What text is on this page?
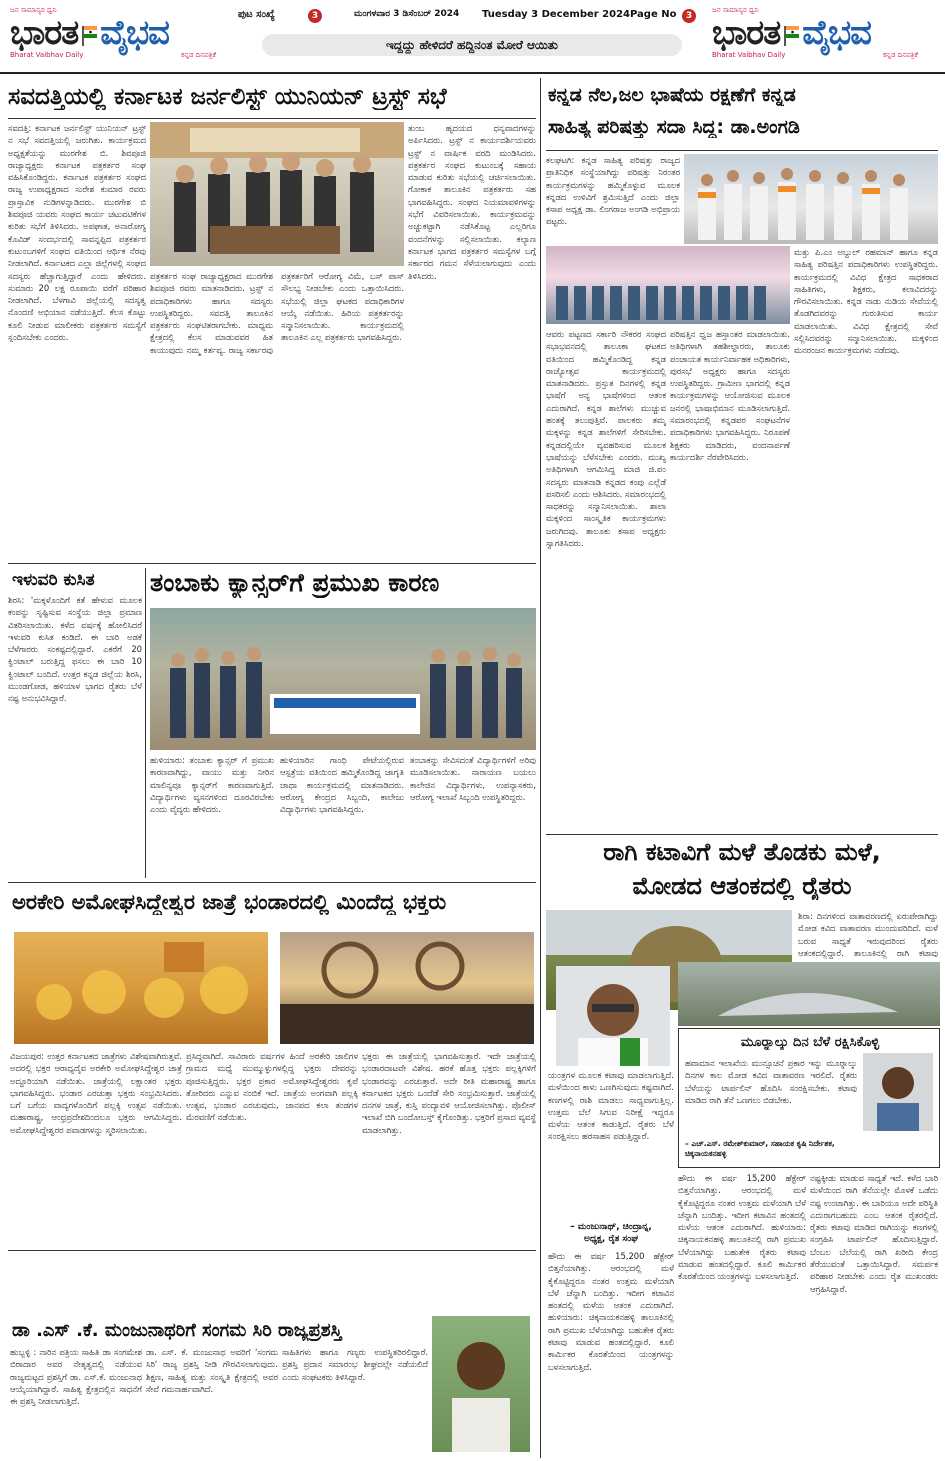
ಜನ ಸಾಮಾನ್ಯರ ಧ್ವನಿ
ಭಾರತ ವೈಭವ
Bharat Vaibhav Daily	ಕನ್ನಡ ದಿನಪತ್ರಿಕೆ
ಪುಟ ಸಂಖ್ಯೆ	3	ಮಂಗಳವಾರ 3 ಡಿಸೆಂಬರ್ 2024 Tuesday 3 December 2024 Page No	3
ಇದ್ದದ್ದು ಹೇಳಿದರೆ ಹದ್ದಿನಂತ ಮೋರೆ ಆಯಿತು
ಜನ ಸಾಮಾನ್ಯರ ಧ್ವನಿ
ಭಾರತ ವೈಭವ
Bharat Vaibhav Daily	ಕನ್ನಡ ದಿನಪತ್ರಿಕೆ
ಸವದತ್ತಿಯಲ್ಲಿ ಕರ್ನಾಟಕ ಜರ್ನಲಿಸ್ಟ್ ಯುನಿಯನ್ ಟ್ರಸ್ಟ್ ಸಭೆ
ಸವದತ್ತಿ: ಕರ್ನಾಟಕ ಜರ್ನಲಿಸ್ಟ್ ಯುನಿಯನ್ ಟ್ರಸ್ಟ್ ನ ಸಭೆ ಸವದತ್ತಿಯಲ್ಲಿ ಜರುಗಿತು. ಕಾರ್ಯಕ್ರಮದ ಅಧ್ಯಕ್ಷತೆಯನ್ನು ಮುರಗೇಶ ಬಿ. ಶಿವಪೂಜಿ ರಾಜ್ಯಾಧ್ಯಕ್ಷರು ಕರ್ನಾಟಕ ಪತ್ರಕರ್ತರ ಸಂಘ ವಹಿಸಿಕೊಂಡಿದ್ದರು. ಕರ್ನಾಟಕ ಪತ್ರಕರ್ತರ ಸಂಘದ ರಾಜ್ಯ ಉಪಾಧ್ಯಕ್ಷರಾದ ಸುರೇಶ ಕುಮಾರ ರವರು ಪ್ರಾಸ್ತಾವಿಕ ನುಡಿಗಳನ್ನಾಡಿದರು. ಮುರಗೇಶ ಬಿ ಶಿವಪೂಜಿ ಯವರು ಸಂಘದ ಕಾರ್ಯ ಚಟುವಟಿಕೆಗಳ ಕುರಿತು ಸಭೆಗೆ ತಿಳಿಸಿದರು. ಅಪಘಾತ, ಅನಾರೋಗ್ಯ ಕೊವಿಡ್ ಸಂದರ್ಭದಲ್ಲಿ ಸಾವನ್ನಪ್ಪಿದ ಪತ್ರಕರ್ತರ ಕುಟುಂಬಗಳಿಗೆ ಸಂಘದ ವತಿಯಿಂದ ಆರ್ಥಿಕ ನೆರವು ನೀಡಲಾಗಿದೆ. ಕರ್ನಾಟಕದ ಎಲ್ಲಾ ಜಿಲ್ಲೆಗಳಲ್ಲಿ ಸಂಘದ ಸದಸ್ಯರು ಹೆಚ್ಚಾಗುತ್ತಿದ್ದಾರೆ ಎಂದು ಹೇಳಿದರು. ಸುಮಾರು 20 ಲಕ್ಷ ರೂಪಾಯಿ ವರೆಗೆ ಪರಿಹಾರ ನೀಡಲಾಗಿದೆ. ಬೆಳಗಾವಿ ಜಿಲ್ಲೆಯಲ್ಲಿ ಸದಸ್ಯತ್ವ ನೊಂದಣಿ ಅಭಿಯಾನ ನಡೆಯುತ್ತಿದೆ. ಕೆಲಸ ಕೊಟ್ಟು ಕೂಲಿ ನೀಡುವ ಮಾಲೀಕರು ಪತ್ರಕರ್ತರ ಸಮಸ್ಯೆಗೆ ಸ್ಪಂದಿಸಬೇಕು ಎಂದರು.
ತುಂಬ ಹೃದಯದ ಧನ್ಯವಾದಗಳನ್ನು ಅರ್ಪಿಸಿದರು. ಟ್ರಸ್ಟ್ ನ ಕಾರ್ಯದರ್ಶಿಯವರು ಟ್ರಸ್ಟ್ ನ ವಾರ್ಷಿಕ ವರದಿ ಮಂಡಿಸಿದರು. ಪತ್ರಕರ್ತರ ಸಂಘದ ಕುಟುಂಬಕ್ಕೆ ಸಹಾಯ ಮಾಡುವ ಕುರಿತು ಸಭೆಯಲ್ಲಿ ಚರ್ಚಿಸಲಾಯಿತು. ಗೋಕಾಕ ತಾಲೂಕಿನ ಪತ್ರಕರ್ತರು ಸಹ ಭಾಗವಹಿಸಿದ್ದರು. ಸಂಘದ ನಿಯಮಾವಳಿಗಳನ್ನು ಸಭೆಗೆ ವಿವರಿಸಲಾಯಿತು. ಕಾರ್ಯಕ್ರಮವನ್ನು ಅಚ್ಚುಕಟ್ಟಾಗಿ ನಡೆಸಿಕೊಟ್ಟ ಎಲ್ಲರಿಗೂ ವಂದನೆಗಳನ್ನು ಸಲ್ಲಿಸಲಾಯಿತು. ಕಲ್ಯಾಣ ಕರ್ನಾಟಕ ಭಾಗದ ಪತ್ರಕರ್ತರ ಸಮಸ್ಯೆಗಳ ಬಗ್ಗೆ ಸರ್ಕಾರದ ಗಮನ ಸೆಳೆಯಲಾಗುವುದು ಎಂದು ತಿಳಿಸಿದರು.
ಪತ್ರಕರ್ತರ ಸಂಘ ರಾಜ್ಯಾಧ್ಯಕ್ಷರಾದ ಮುರಗೇಶ ಶಿವಪೂಜಿ ರವರು ಮಾತನಾಡಿದರು. ಟ್ರಸ್ಟ್ ನ ಪದಾಧಿಕಾರಿಗಳು ಹಾಗೂ ಸದಸ್ಯರು ಉಪಸ್ಥಿತರಿದ್ದರು. ಸವದತ್ತಿ ತಾಲೂಕಿನ ಪತ್ರಕರ್ತರು ಸಂಘಟಿತರಾಗಬೇಕು. ಮಾಧ್ಯಮ ಕ್ಷೇತ್ರದಲ್ಲಿ ಕೆಲಸ ಮಾಡುವವರ ಹಿತ ಕಾಯುವುದು ನಮ್ಮ ಕರ್ತವ್ಯ. ರಾಜ್ಯ ಸರ್ಕಾರವು ಪತ್ರಕರ್ತರಿಗೆ ಆರೋಗ್ಯ ವಿಮೆ, ಬಸ್ ಪಾಸ್ ಸೌಲಭ್ಯ ನೀಡಬೇಕು ಎಂದು ಒತ್ತಾಯಿಸಿದರು. ಸಭೆಯಲ್ಲಿ ಜಿಲ್ಲಾ ಘಟಕದ ಪದಾಧಿಕಾರಿಗಳ ಆಯ್ಕೆ ನಡೆಯಿತು. ಹಿರಿಯ ಪತ್ರಕರ್ತರನ್ನು ಸನ್ಮಾನಿಸಲಾಯಿತು. ಕಾರ್ಯಕ್ರಮದಲ್ಲಿ ತಾಲೂಕಿನ ಎಲ್ಲ ಪತ್ರಕರ್ತರು ಭಾಗವಹಿಸಿದ್ದರು.
ಇಳುವರಿ ಕುಸಿತ
ಶಿರಸಿ: 'ಮಕ್ಕಳೊಂದಿಗೆ ಕತೆ ಹೇಳುವ ಮೂಲಕ ಕಂಪನ್ನು ಸೃಷ್ಟಿಸುವ ಸಂಸ್ಥೆಯ ಜಿಲ್ಲಾ ಪ್ರಮಾಣ ವಿತರಿಸಲಾಯಿತು. ಕಳೆದ ವರ್ಷಕ್ಕೆ ಹೋಲಿಸಿದರೆ ಇಳುವರಿ ಕುಸಿತ ಕಂಡಿದೆ. ಈ ಬಾರಿ ಅಡಕೆ ಬೆಳೆಗಾರರು ಸಂಕಷ್ಟದಲ್ಲಿದ್ದಾರೆ. ಎಕರೆಗೆ 20 ಕ್ವಿಂಟಾಲ್ ಬರುತ್ತಿದ್ದ ಫಸಲು ಈ ಬಾರಿ 10 ಕ್ವಿಂಟಾಲ್ ಬಂದಿದೆ. ಉತ್ತರ ಕನ್ನಡ ಜಿಲ್ಲೆಯ ಶಿರಸಿ, ಮುಂಡಗೋಡ, ಹಳಿಯಾಳ ಭಾಗದ ರೈತರು ಬೆಳೆ ನಷ್ಟ ಅನುಭವಿಸಿದ್ದಾರೆ.
ತಂಬಾಕು ಕ್ಯಾನ್ಸರ್‌ಗೆ ಪ್ರಮುಖ ಕಾರಣ
ಹುಳಿಯಾರು: ತಂಬಾಕು ಕ್ಯಾನ್ಸರ್ ಗೆ ಪ್ರಮುಖ ಕಾರಣವಾಗಿದ್ದು, ವಾಯು ಮತ್ತು ನೀರಿನ ಮಾಲಿನ್ಯವೂ ಕ್ಯಾನ್ಸರ್‌ಗೆ ಕಾರಣವಾಗುತ್ತಿದೆ. ವಿದ್ಯಾರ್ಥಿಗಳು ವ್ಯಸನಗಳಿಂದ ದೂರವಿರಬೇಕು ಎಂದು ವೈದ್ಯರು ಹೇಳಿದರು.
ಹುಳಿಯಾರಿನ ಗಾಂಧಿ ಪೇಟೆಯಲ್ಲಿರುವ ಆಸ್ಪತ್ರೆಯ ವತಿಯಿಂದ ಹಮ್ಮಿಕೊಂಡಿದ್ದ ಜಾಗೃತಿ ಜಾಥಾ ಕಾರ್ಯಕ್ರಮದಲ್ಲಿ ಮಾತನಾಡಿದರು. ಆರೋಗ್ಯ ಕೇಂದ್ರದ ಸಿಬ್ಬಂದಿ, ಕಾಲೇಜು ವಿದ್ಯಾರ್ಥಿಗಳು ಭಾಗವಹಿಸಿದ್ದರು.
ತಂಬಾಕನ್ನು ಸೇವಿಸದಂತೆ ವಿದ್ಯಾರ್ಥಿಗಳಿಗೆ ಅರಿವು ಮೂಡಿಸಲಾಯಿತು. ನಾರಾಯಣ ಬಯಲು ಕಾಲೇಜಿನ ವಿದ್ಯಾರ್ಥಿಗಳು, ಉಪನ್ಯಾಸಕರು, ಆರೋಗ್ಯ ಇಲಾಖೆ ಸಿಬ್ಬಂದಿ ಉಪಸ್ಥಿತರಿದ್ದರು.
ಅರಕೇರಿ ಅಮೋಘಸಿದ್ದೇಶ್ವರ ಜಾತ್ರೆ ಭಂಡಾರದಲ್ಲಿ ಮಿಂದೆದ್ದ ಭಕ್ತರು
ವಿಜಯಪುರ: ಉತ್ತರ ಕರ್ನಾಟಕದ ಜಾತ್ರೆಗಳು ವಿಶೇಷವಾಗಿರುತ್ತವೆ. ಅದರಲ್ಲಿ ಭಕ್ತರ ಆರಾಧ್ಯದೈವ ಅರಕೇರಿ ಅಮೋಘಸಿದ್ದೇಶ್ವರ ಜಾತ್ರೆ ಅದ್ಧೂರಿಯಾಗಿ ನಡೆಯಿತು. ಜಾತ್ರೆಯಲ್ಲಿ ಲಕ್ಷಾಂತರ ಭಕ್ತರು ಭಾಗವಹಿಸಿದ್ದರು. ಭಂಡಾರ ಎರಚುತ್ತಾ ಭಕ್ತರು ಸಂಭ್ರಮಿಸಿದರು. ಬಗೆ ಬಗೆಯ ವಾದ್ಯಗಳೊಂದಿಗೆ ಪಲ್ಲಕ್ಕಿ ಉತ್ಸವ ನಡೆಯಿತು. ಮಹಾರಾಷ್ಟ್ರ, ಆಂಧ್ರಪ್ರದೇಶದಿಂದಲೂ ಭಕ್ತರು ಆಗಮಿಸಿದ್ದರು. ಅಮೋಘಸಿದ್ದೇಶ್ವರರ ಪವಾಡಗಳನ್ನು ಸ್ಮರಿಸಲಾಯಿತು.
ಪ್ರಸಿದ್ಧವಾಗಿದೆ. ಸಾವಿರಾರು ವರ್ಷಗಳ ಹಿಂದೆ ಅರಕೇರಿ ಜಾಲಿಗಳ ಗ್ರಾಮದ ಮಧ್ಯೆ ಮುಮ್ಮುಳ್ಳುಗಳಲ್ಲಿದ್ದ ಭಕ್ತರು ದೇವರನ್ನು ಪೂಜಿಸುತ್ತಿದ್ದರು. ಭಕ್ತರ ಪ್ರಕಾರ ಅಮೋಘಸಿದ್ದೇಶ್ವರರು ಕೃಪೆ ತೋರಿದರು ಎನ್ನುವ ನಂಬಿಕೆ ಇದೆ. ಜಾತ್ರೆಯ ಅಂಗವಾಗಿ ಪಲ್ಲಕ್ಕಿ ಉತ್ಸವ, ಭಂಡಾರ ಎರಚುವುದು, ಜಾನಪದ ಕಲಾ ತಂಡಗಳ ಮೆರವಣಿಗೆ ನಡೆಯಿತು.
ಭಕ್ತರು ಈ ಜಾತ್ರೆಯಲ್ಲಿ ಭಾಗವಹಿಸುತ್ತಾರೆ. ಇದೇ ಜಾತ್ರೆಯಲ್ಲಿ ಭಂಡಾರದಾಟವೇ ವಿಶೇಷ. ಹರಕೆ ಹೊತ್ತ ಭಕ್ತರು ಪಲ್ಲಕ್ಕಿಗಳಿಗೆ ಭಂಡಾರವನ್ನು ಎರಚುತ್ತಾರೆ. ಅದೇ ರೀತಿ ಮಹಾರಾಷ್ಟ್ರ ಹಾಗೂ ಕರ್ನಾಟಕದ ಭಕ್ತರು ಒಂದೆಡೆ ಸೇರಿ ಸಂಭ್ರಮಿಸುತ್ತಾರೆ. ಜಾತ್ರೆಯಲ್ಲಿ ದನಗಳ ಜಾತ್ರೆ, ಕುಸ್ತಿ ಪಂದ್ಯಾವಳಿ ಆಯೋಜಿಸಲಾಗಿತ್ತು. ಪೊಲೀಸ್ ಇಲಾಖೆ ಬಿಗಿ ಬಂದೋಬಸ್ತ್ ಕೈಗೊಂಡಿತ್ತು. ಭಕ್ತರಿಗೆ ಪ್ರಸಾದ ವ್ಯವಸ್ಥೆ ಮಾಡಲಾಗಿತ್ತು.
ಡಾ .ಎಸ್ .ಕೆ. ಮಂಜುನಾಥರಿಗೆ ಸಂಗಮ ಸಿರಿ ರಾಜ್ಯಪ್ರಶಸ್ತಿ
ಹುಬ್ಬಳ್ಳಿ : ನಾರಿನ ಪತ್ರಿಯ ಸಾಹಿತಿ ಡಾ ಸಂಗಮೇಶ ಬಿರಾದಾರ ಅವರ ನೇತೃತ್ವದಲ್ಲಿ ನಡೆಯುವ ರಾಜ್ಯಮಟ್ಟದ ಪ್ರಶಸ್ತಿಗೆ ಡಾ. ಎಸ್.ಕೆ. ಮಂಜುನಾಥ ಆಯ್ಕೆಯಾಗಿದ್ದಾರೆ. ಸಾಹಿತ್ಯ ಕ್ಷೇತ್ರದಲ್ಲಿನ ಸಾಧನೆಗೆ ಈ ಪ್ರಶಸ್ತಿ ನೀಡಲಾಗುತ್ತಿದೆ.
ಡಾ. ಎಸ್. ಕೆ. ಮಂಜುನಾಥ ಅವರಿಗೆ 'ಸಂಗಮ ಸಿರಿ' ರಾಜ್ಯ ಪ್ರಶಸ್ತಿ ನೀಡಿ ಗೌರವಿಸಲಾಗುವುದು. ಶಿಕ್ಷಣ, ಸಾಹಿತ್ಯ ಮತ್ತು ಸಂಸ್ಕೃತಿ ಕ್ಷೇತ್ರದಲ್ಲಿ ಅವರ ಸೇವೆ ಗಮನಾರ್ಹವಾಗಿದೆ.
ಸಾಹಿತಿಗಳು ಹಾಗೂ ಗಣ್ಯರು ಉಪಸ್ಥಿತರಿರಲಿದ್ದಾರೆ. ಪ್ರಶಸ್ತಿ ಪ್ರದಾನ ಸಮಾರಂಭ ಶೀಘ್ರದಲ್ಲೇ ನಡೆಯಲಿದೆ ಎಂದು ಸಂಘಟಕರು ತಿಳಿಸಿದ್ದಾರೆ.
ಕನ್ನಡ ನೆಲ,ಜಲ ಭಾಷೆಯ ರಕ್ಷಣೆಗೆ ಕನ್ನಡ
ಸಾಹಿತ್ಯ ಪರಿಷತ್ತು ಸದಾ ಸಿದ್ದ: ಡಾ.ಅಂಗಡಿ
ಕಲಘಟಗಿ: ಕನ್ನಡ ಸಾಹಿತ್ಯ ಪರಿಷತ್ತು ರಾಜ್ಯದ ಪ್ರಾತಿನಿಧಿಕ ಸಂಸ್ಥೆಯಾಗಿದ್ದು ಪರಿಷತ್ತು ನಿರಂತರ ಕಾರ್ಯಕ್ರಮಗಳನ್ನು ಹಮ್ಮಿಕೊಳ್ಳುವ ಮೂಲಕ ಕನ್ನಡದ ಉಳಿವಿಗೆ ಶ್ರಮಿಸುತ್ತಿದೆ ಎಂದು ಜಿಲ್ಲಾ ಕಸಾಪ ಅಧ್ಯಕ್ಷ ಡಾ. ಲಿಂಗರಾಜ ಅಂಗಡಿ ಅಭಿಪ್ರಾಯ ಪಟ್ಟರು.
ಮತ್ತು ಪಿ.ಎಂ ಅಬ್ದುಲ್ ರಹಮಾನ್ ಹಾಗೂ ಕನ್ನಡ ಸಾಹಿತ್ಯ ಪರಿಷತ್ತಿನ ಪದಾಧಿಕಾರಿಗಳು ಉಪಸ್ಥಿತರಿದ್ದರು. ಕಾರ್ಯಕ್ರಮದಲ್ಲಿ ವಿವಿಧ ಕ್ಷೇತ್ರದ ಸಾಧಕರಾದ ಸಾಹಿತಿಗಳು, ಶಿಕ್ಷಕರು, ಕಲಾವಿದರನ್ನು ಗೌರವಿಸಲಾಯಿತು. ಕನ್ನಡ ನಾಡು ನುಡಿಯ ಸೇವೆಯಲ್ಲಿ ತೊಡಗಿದವರನ್ನು ಗುರುತಿಸುವ ಕಾರ್ಯ ಮಾಡಲಾಯಿತು. ವಿವಿಧ ಕ್ಷೇತ್ರದಲ್ಲಿ ಸೇವೆ ಸಲ್ಲಿಸಿದವರನ್ನು ಸನ್ಮಾನಿಸಲಾಯಿತು. ಮಕ್ಕಳಿಂದ ಮನರಂಜನ ಕಾರ್ಯಕ್ರಮಗಳು ನಡೆದವು.
ಆವರು ಪಟ್ಟಣದ ಸರ್ಕಾರಿ ನೌಕರರ ಸಂಘದ ಸಭಾಭವನದಲ್ಲಿ ತಾಲೂಕಾ ಘಟಕದ ವತಿಯಿಂದ ಹಮ್ಮಿಕೊಂಡಿದ್ದ ಕನ್ನಡ ರಾಜ್ಯೋತ್ಸವ ಕಾರ್ಯಕ್ರಮದಲ್ಲಿ ಮಾತನಾಡಿದರು. ಪ್ರಸ್ತುತ ದಿನಗಳಲ್ಲಿ ಕನ್ನಡ ಭಾಷೆಗೆ ಅನ್ಯ ಭಾಷೆಗಳಿಂದ ಆತಂಕ ಎದುರಾಗಿದೆ. ಕನ್ನಡ ಶಾಲೆಗಳು ಮುಚ್ಚುವ ಹಂತಕ್ಕೆ ತಲುಪುತ್ತಿವೆ. ಪಾಲಕರು ತಮ್ಮ ಮಕ್ಕಳನ್ನು ಕನ್ನಡ ಶಾಲೆಗಳಿಗೆ ಸೇರಿಸಬೇಕು. ಕನ್ನಡದಲ್ಲಿಯೇ ವ್ಯವಹರಿಸುವ ಮೂಲಕ ಭಾಷೆಯನ್ನು ಬೆಳೆಸಬೇಕು ಎಂದರು. ಮುಖ್ಯ ಅತಿಥಿಗಳಾಗಿ ಆಗಮಿಸಿದ್ದ ಮಾಜಿ ಜಿ.ಪಂ ಸದಸ್ಯರು ಮಾತನಾಡಿ ಕನ್ನಡದ ಕಂಪು ಎಲ್ಲೆಡೆ ಪಸರಿಸಲಿ ಎಂದು ಆಶಿಸಿದರು. ಸಮಾರಂಭದಲ್ಲಿ ಸಾಧಕರನ್ನು ಸನ್ಮಾನಿಸಲಾಯಿತು. ಶಾಲಾ ಮಕ್ಕಳಿಂದ ಸಾಂಸ್ಕೃತಿಕ ಕಾರ್ಯಕ್ರಮಗಳು ಜರುಗಿದವು. ತಾಲೂಕು ಕಸಾಪ ಅಧ್ಯಕ್ಷರು ಸ್ವಾಗತಿಸಿದರು.
ಪರಿಷತ್ತಿನ ಧ್ವಜ ಹಸ್ತಾಂತರ ಮಾಡಲಾಯಿತು. ಅತಿಥಿಗಳಾಗಿ ತಹಶೀಲ್ದಾರರು, ತಾಲೂಕು ಪಂಚಾಯತ ಕಾರ್ಯನಿರ್ವಾಹಕ ಅಧಿಕಾರಿಗಳು, ಪುರಸಭೆ ಅಧ್ಯಕ್ಷರು ಹಾಗೂ ಸದಸ್ಯರು ಉಪಸ್ಥಿತರಿದ್ದರು. ಗ್ರಾಮೀಣ ಭಾಗದಲ್ಲಿ ಕನ್ನಡ ಕಾರ್ಯಕ್ರಮಗಳನ್ನು ಆಯೋಜಿಸುವ ಮೂಲಕ ಜನರಲ್ಲಿ ಭಾಷಾಭಿಮಾನ ಮೂಡಿಸಲಾಗುತ್ತಿದೆ. ಸಮಾರಂಭದಲ್ಲಿ ಕನ್ನಡಪರ ಸಂಘಟನೆಗಳ ಪದಾಧಿಕಾರಿಗಳು ಭಾಗವಹಿಸಿದ್ದರು. ನಿರೂಪಣೆ ಶಿಕ್ಷಕರು ಮಾಡಿದರು, ವಂದನಾರ್ಪಣೆ ಕಾರ್ಯದರ್ಶಿ ನೆರವೇರಿಸಿದರು.
ರಾಗಿ ಕಟಾವಿಗೆ ಮಳೆ ತೊಡಕು ಮಳೆ,
ಮೋಡದ ಆತಂಕದಲ್ಲಿ ರೈತರು
ಶಿರಾ: ದಿನಗಳಿಂದ ವಾತಾವರಣದಲ್ಲಿ ಏರುಪೇರಾಗಿದ್ದು ಮೋಡ ಕವಿದ ವಾತಾವರಣ ಮುಂದುವರಿದಿದೆ. ಮಳೆ ಬರುವ ಸಾಧ್ಯತೆ ಇರುವುದರಿಂದ ರೈತರು ಆತಂಕದಲ್ಲಿದ್ದಾರೆ. ತಾಲೂಕಿನಲ್ಲಿ ರಾಗಿ ಕಟಾವು
ಯಂತ್ರಗಳ ಮೂಲಕ ಕಟಾವು ಮಾಡಲಾಗುತ್ತಿದೆ. ಮಳೆಯಿಂದ ಕಾಳು ಒಣಗಿಸುವುದು ಕಷ್ಟವಾಗಿದೆ. ಕಣಗಳಲ್ಲಿ ರಾಶಿ ಮಾಡಲು ಸಾಧ್ಯವಾಗುತ್ತಿಲ್ಲ. ಉತ್ತಮ ಬೆಲೆ ಸಿಗುವ ನಿರೀಕ್ಷೆ ಇದ್ದರೂ ಮಳೆಯ ಆತಂಕ ಕಾಡುತ್ತಿದೆ. ರೈತರು ಬೆಳೆ ಸಂರಕ್ಷಿಸಲು ಹರಸಾಹಸ ಪಡುತ್ತಿದ್ದಾರೆ.
– ಮಂಜುನಾಥ್, ಚಿಂದ್ರಾನ್ನ,
ಅಧ್ಯಕ್ಷ, ರೈತ ಸಂಘ
ಮೂರ್‍ನಾಲ್ಕು ದಿನ ಬೆಳೆ ರಕ್ಷಿಸಿಕೊಳ್ಳಿ
ಹವಾಮಾನ ಇಲಾಖೆಯ ಮುನ್ಸೂಚನೆ ಪ್ರಕಾರ ಇನ್ನು ಮೂರ್‍ನಾಲ್ಕು ದಿನಗಳ ಕಾಲ ಮೋಡ ಕವಿದ ವಾತಾವರಣ ಇರಲಿದೆ. ರೈತರು ಬೆಳೆಯನ್ನು ಟಾರ್ಪಲಿನ್ ಹೊದಿಸಿ ಸಂರಕ್ಷಿಸಬೇಕು. ಕಟಾವು ಮಾಡಿದ ರಾಗಿ ತೆನೆ ಒಣಗಲು ಬಿಡಬೇಕು.
– ಎಚ್.ಎಸ್. ರಮೇಶ್‌ಕುಮಾರ್, ಸಹಾಯಕ ಕೃಷಿ ನಿರ್ದೇಶಕ, ಚಿಕ್ಕನಾಯಕನಹಳ್ಳಿ
ಹೌದು ಈ ವರ್ಷ 15,200 ಹೆಕ್ಟೇರ್ ಬಿತ್ತನೆಯಾಗಿತ್ತು. ಆರಂಭದಲ್ಲಿ ಮಳೆ ಕೈಕೊಟ್ಟಿದ್ದರೂ ನಂತರ ಉತ್ತಮ ಮಳೆಯಾಗಿ ಬೆಳೆ ಚೆನ್ನಾಗಿ ಬಂದಿತ್ತು. ಇದೀಗ ಕಟಾವಿನ ಹಂತದಲ್ಲಿ ಮಳೆಯ ಆತಂಕ ಎದುರಾಗಿದೆ. ಹುಳಿಯಾರು: ಚಿಕ್ಕನಾಯಕನಹಳ್ಳಿ ತಾಲೂಕಿನಲ್ಲಿ ರಾಗಿ ಪ್ರಮುಖ ಬೆಳೆಯಾಗಿದ್ದು ಬಹುತೇಕ ರೈತರು ಕಟಾವು ಮಾಡುವ ಹಂತದಲ್ಲಿದ್ದಾರೆ. ಕೂಲಿ ಕಾರ್ಮಿಕರ ಕೊರತೆಯಿಂದ ಯಂತ್ರಗಳನ್ನು ಬಳಸಲಾಗುತ್ತಿದೆ.
ನಷ್ಟಕ್ಕೀಡು ಮಾಡುವ ಸಾಧ್ಯತೆ ಇದೆ. ಕಳೆದ ಬಾರಿ ಮಳೆಯಿಂದ ರಾಗಿ ತೆನೆಯಲ್ಲೇ ಮೊಳಕೆ ಒಡೆದು ನಷ್ಟ ಉಂಟಾಗಿತ್ತು. ಈ ಬಾರಿಯೂ ಅದೇ ಪರಿಸ್ಥಿತಿ ಎದುರಾಗಬಹುದು ಎಂಬ ಆತಂಕ ರೈತರಲ್ಲಿದೆ. ರೈತರು ಕಟಾವು ಮಾಡಿದ ರಾಗಿಯನ್ನು ಕಣಗಳಲ್ಲಿ ಸಂಗ್ರಹಿಸಿ ಟಾರ್ಪಲಿನ್ ಹೊದಿಸುತ್ತಿದ್ದಾರೆ. ಬೆಂಬಲ ಬೆಲೆಯಲ್ಲಿ ರಾಗಿ ಖರೀದಿ ಕೇಂದ್ರ ತೆರೆಯುವಂತೆ ಒತ್ತಾಯಿಸಿದ್ದಾರೆ. ಸಮರ್ಪಕ ಪರಿಹಾರ ನೀಡಬೇಕು ಎಂದು ರೈತ ಮುಖಂಡರು ಆಗ್ರಹಿಸಿದ್ದಾರೆ.
ಹೌದು ಈ ವರ್ಷ 15,200 ಹೆಕ್ಟೇರ್ ಬಿತ್ತನೆಯಾಗಿತ್ತು. ಆರಂಭದಲ್ಲಿ ಮಳೆ ಕೈಕೊಟ್ಟಿದ್ದರೂ ನಂತರ ಉತ್ತಮ ಮಳೆಯಾಗಿ ಬೆಳೆ ಚೆನ್ನಾಗಿ ಬಂದಿತ್ತು. ಇದೀಗ ಕಟಾವಿನ ಹಂತದಲ್ಲಿ ಮಳೆಯ ಆತಂಕ ಎದುರಾಗಿದೆ. ಹುಳಿಯಾರು: ಚಿಕ್ಕನಾಯಕನಹಳ್ಳಿ ತಾಲೂಕಿನಲ್ಲಿ ರಾಗಿ ಪ್ರಮುಖ ಬೆಳೆಯಾಗಿದ್ದು ಬಹುತೇಕ ರೈತರು ಕಟಾವು ಮಾಡುವ ಹಂತದಲ್ಲಿದ್ದಾರೆ. ಕೂಲಿ ಕಾರ್ಮಿಕರ ಕೊರತೆಯಿಂದ ಯಂತ್ರಗಳನ್ನು ಬಳಸಲಾಗುತ್ತಿದೆ.
